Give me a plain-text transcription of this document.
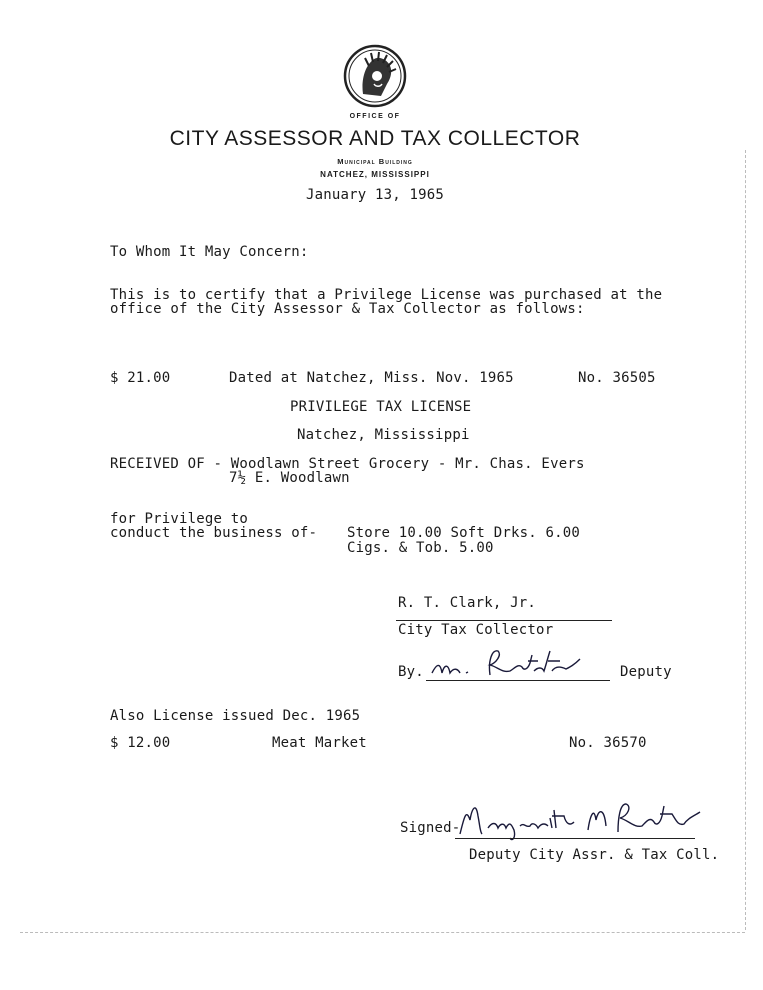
OFFICE OF
CITY ASSESSOR AND TAX COLLECTOR
Municipal Building
NATCHEZ, MISSISSIPPI
January 13, 1965
To Whom It May Concern:
This is to certify that a Privilege License was purchased at the
office of the City Assessor & Tax Collector as follows:
$ 21.00	Dated at Natchez, Miss. Nov. 1965	No. 36505
PRIVILEGE TAX LICENSE
Natchez, Mississippi
RECEIVED OF - Woodlawn Street Grocery - Mr. Chas. Evers
7½ E. Woodlawn
for Privilege to
conduct the business of- Store 10.00 Soft Drks. 6.00
Cigs. & Tob. 5.00
R. T. Clark, Jr.
City Tax Collector
By.	Deputy
Also License issued Dec. 1965
$ 12.00	Meat Market	No. 36570
Signed-
Deputy City Assr. & Tax Coll.
